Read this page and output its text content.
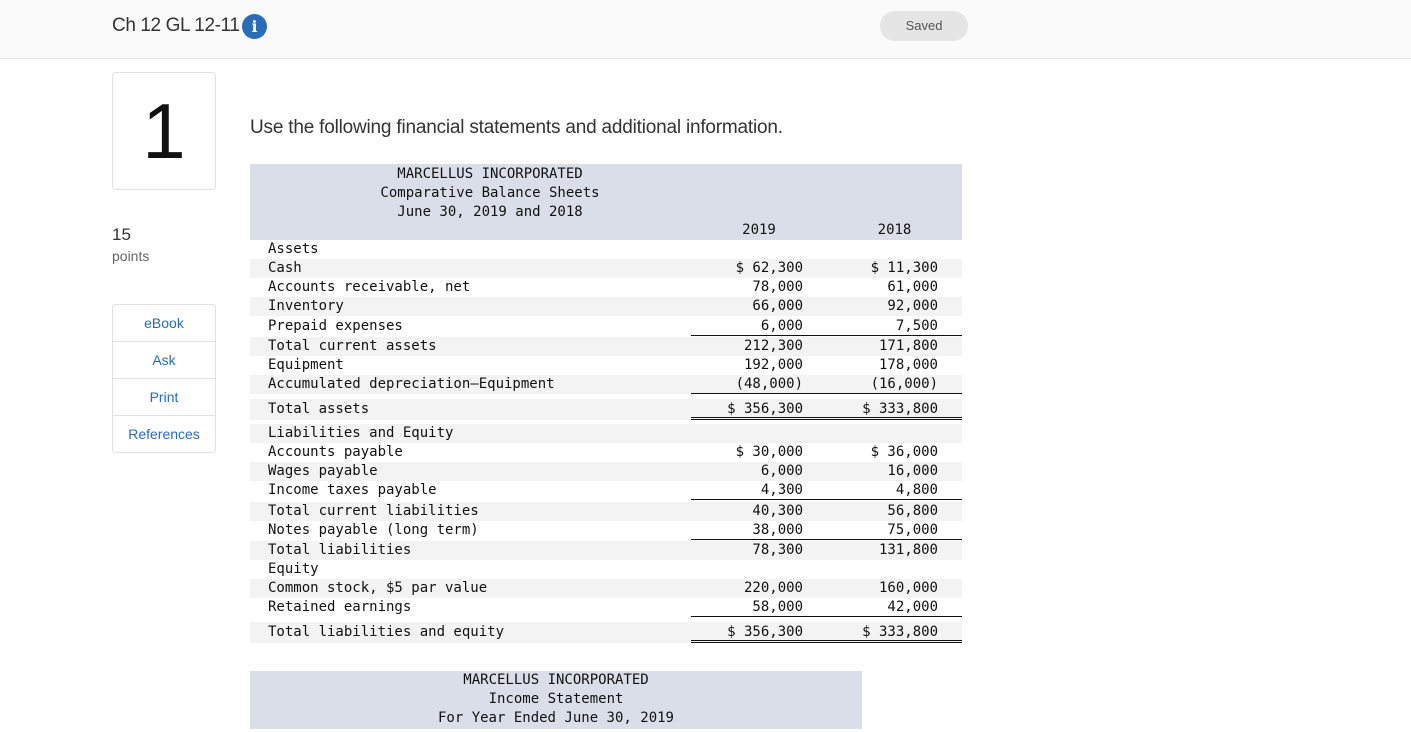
Ch 12 GL 12-11 i	Saved
1
15
points
eBook
Ask
Print
References
Use the following financial statements and additional information.
MARCELLUS INCORPORATED
Comparative Balance Sheets
June 30, 2019 and 2018
2019	2018
Assets
Cash	$ 62,300	$ 11,300
Accounts receivable, net	78,000	61,000
Inventory	66,000	92,000
Prepaid expenses	6,000	7,500
Total current assets	212,300	171,800
Equipment	192,000	178,000
Accumulated depreciation—Equipment	(48,000)	(16,000)
Total assets	$ 356,300	$ 333,800
Liabilities and Equity
Accounts payable	$ 30,000	$ 36,000
Wages payable	6,000	16,000
Income taxes payable	4,300	4,800
Total current liabilities	40,300	56,800
Notes payable (long term)	38,000	75,000
Total liabilities	78,300	131,800
Equity
Common stock, $5 par value	220,000	160,000
Retained earnings	58,000	42,000
Total liabilities and equity	$ 356,300	$ 333,800
MARCELLUS INCORPORATED
Income Statement
For Year Ended June 30, 2019
